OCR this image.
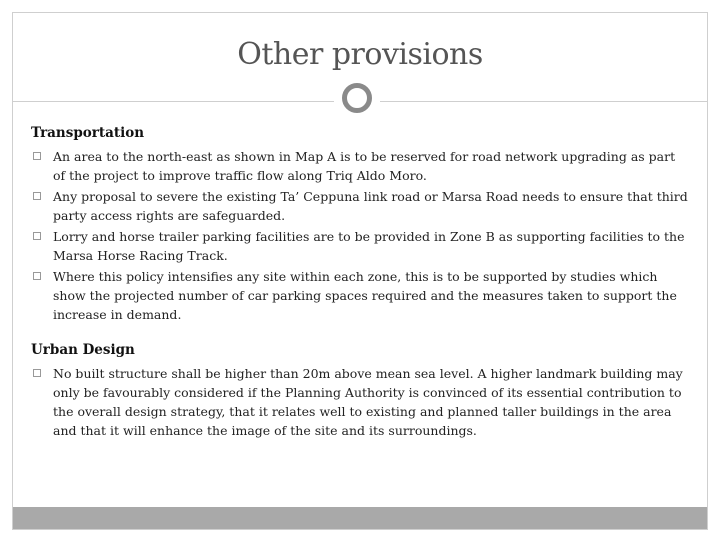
Other provisions
Transportation
An area to the north-east as shown in Map A is to be reserved for road network upgrading as part of the project to improve traffic flow along Triq Aldo Moro.
Any proposal to severe the existing Ta’ Ceppuna link road or Marsa Road needs to ensure that third party access rights are safeguarded.
Lorry and horse trailer parking facilities are to be provided in Zone B as supporting facilities to the Marsa Horse Racing Track.
Where this policy intensifies any site within each zone, this is to be supported by studies which show the projected number of car parking spaces required and the measures taken to support the increase in demand.
Urban Design
No built structure shall be higher than 20m above mean sea level. A higher landmark building may only be favourably considered if the Planning Authority is convinced of its essential contribution to the overall design strategy, that it relates well to existing and planned taller buildings in the area and that it will enhance the image of the site and its surroundings.
